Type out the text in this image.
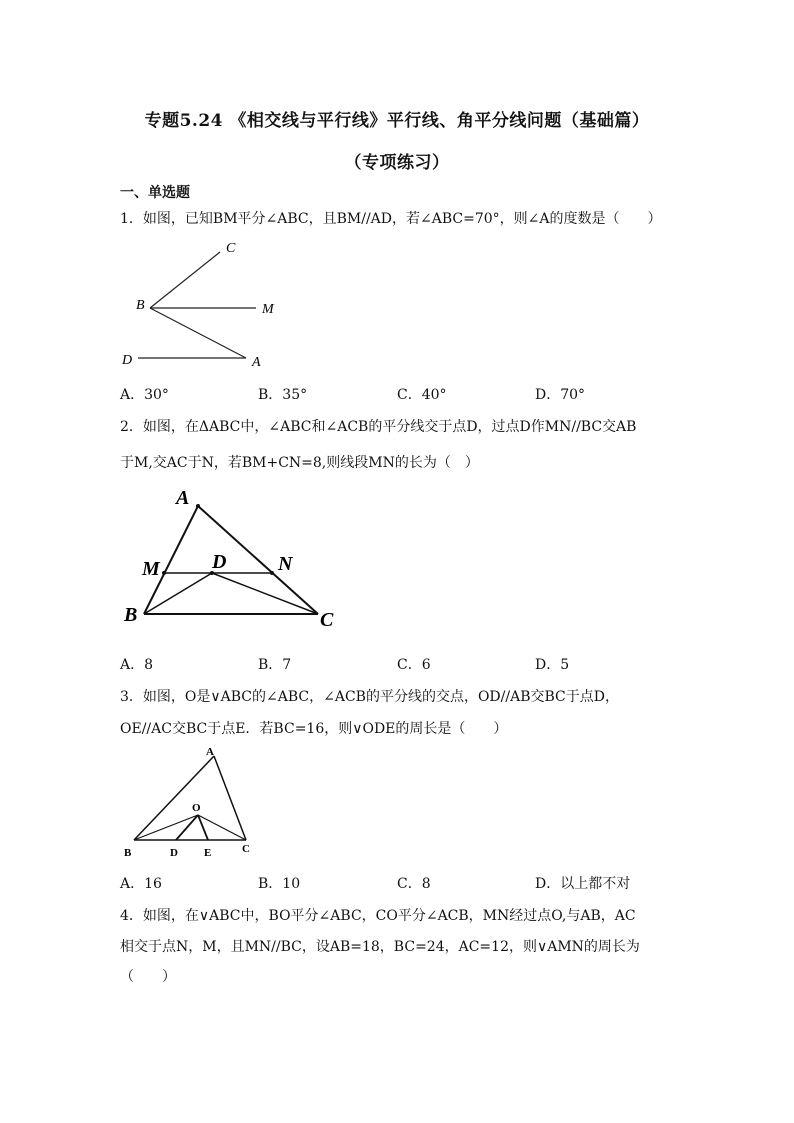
专题5.24 《相交线与平行线》平行线、角平分线问题（基础篇）
（专项练习）
一、单选题
1．如图，已知BM平分∠ABC，且BM//AD，若∠ABC=70°，则∠A的度数是（　　）
C
B	M
D	A
A．30°	B．35°	C．40°	D．70°
2．如图，在ΔABC中，∠ABC和∠ACB的平分线交于点D，过点D作MN//BC交AB
于M,交AC于N，若BM+CN=8,则线段MN的长为（　）
A
M	D	N
B	C
A．8	B．7	C．6	D．5
3．如图，O是∨ABC的∠ABC，∠ACB的平分线的交点，OD//AB交BC于点D，
OE//AC交BC于点E．若BC=16，则∨ODE的周长是（　　）
A
O
B	D E	C
A．16	B．10	C．8	D．以上都不对
4．如图，在∨ABC中，BO平分∠ABC，CO平分∠ACB，MN经过点O,与AB，AC
相交于点N，M，且MN//BC，设AB=18，BC=24，AC=12，则∨AMN的周长为
（　　）
